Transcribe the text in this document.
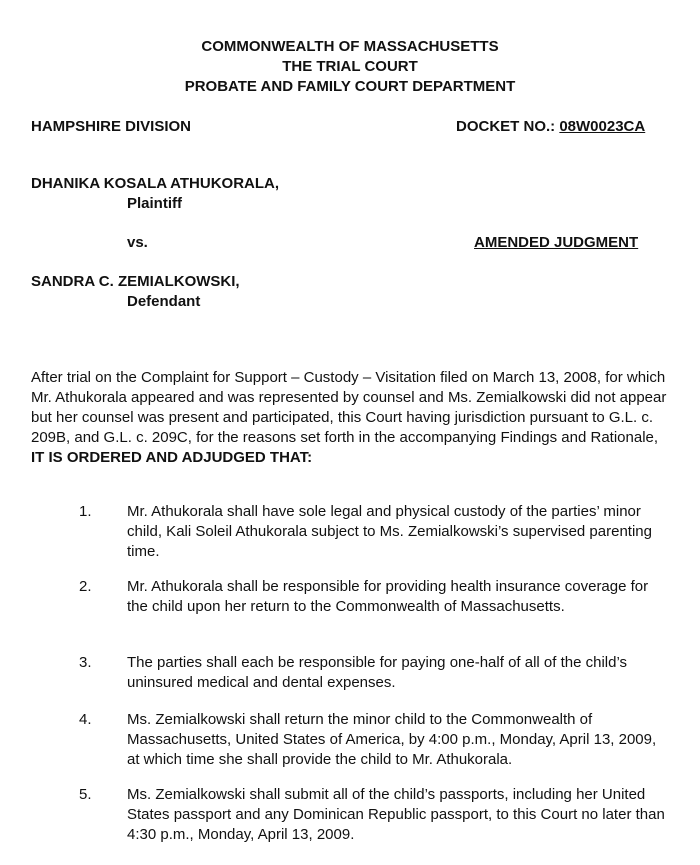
COMMONWEALTH OF MASSACHUSETTS
THE TRIAL COURT
PROBATE AND FAMILY COURT DEPARTMENT
HAMPSHIRE DIVISION	DOCKET NO.: 08W0023CA
DHANIKA KOSALA ATHUKORALA,
Plaintiff
vs.	AMENDED JUDGMENT
SANDRA C. ZEMIALKOWSKI,
Defendant
After trial on the Complaint for Support – Custody – Visitation filed on March 13, 2008, for which Mr. Athukorala appeared and was represented by counsel and Ms. Zemialkowski did not appear but her counsel was present and participated, this Court having jurisdiction pursuant to G.L. c. 209B, and G.L. c. 209C, for the reasons set forth in the accompanying Findings and Rationale, IT IS ORDERED AND ADJUDGED THAT:
1. Mr. Athukorala shall have sole legal and physical custody of the parties’ minor child, Kali Soleil Athukorala subject to Ms. Zemialkowski’s supervised parenting time.
2. Mr. Athukorala shall be responsible for providing health insurance coverage for the child upon her return to the Commonwealth of Massachusetts.
3. The parties shall each be responsible for paying one-half of all of the child’s uninsured medical and dental expenses.
4. Ms. Zemialkowski shall return the minor child to the Commonwealth of Massachusetts, United States of America, by 4:00 p.m., Monday, April 13, 2009, at which time she shall provide the child to Mr. Athukorala.
5. Ms. Zemialkowski shall submit all of the child’s passports, including her United States passport and any Dominican Republic passport, to this Court no later than 4:30 p.m., Monday, April 13, 2009.
